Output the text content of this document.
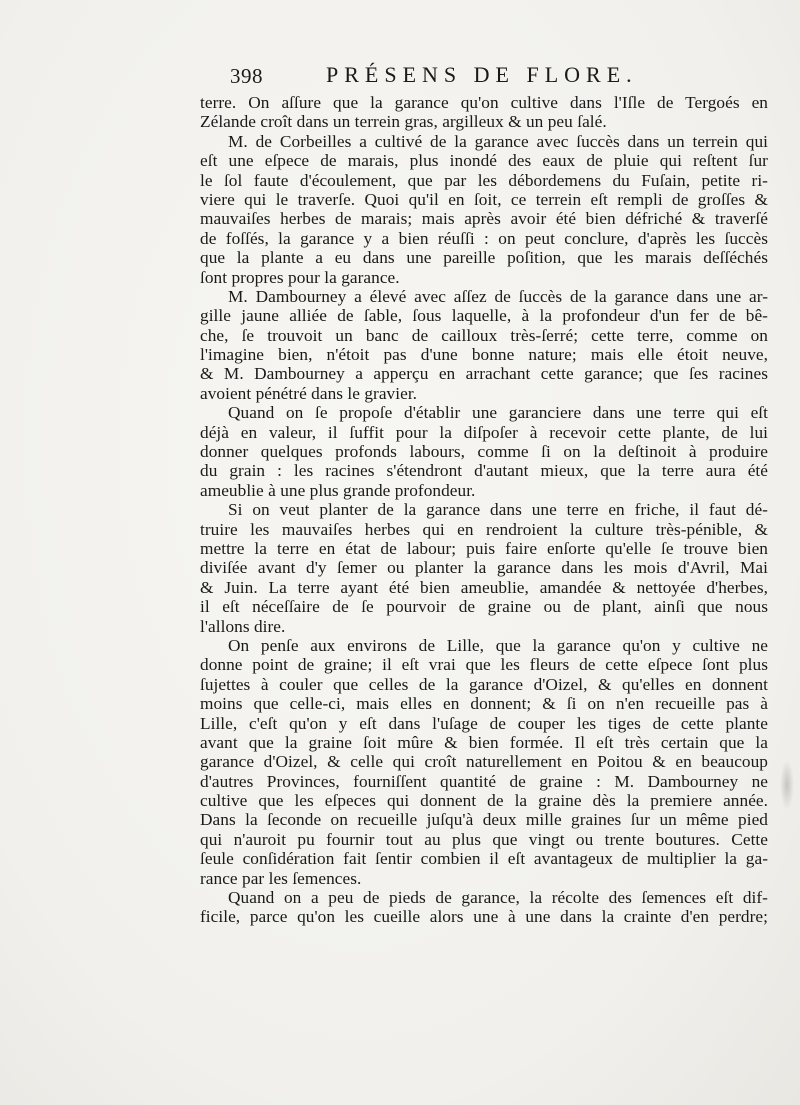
398	PRÉSENS DE FLORE.
terre. On aſſure que la garance qu'on cultive dans l'Iſle de Tergoés en
Zélande croît dans un terrein gras, argilleux & un peu ſalé.
M. de Corbeilles a cultivé de la garance avec ſuccès dans un terrein qui
eſt une eſpece de marais, plus inondé des eaux de pluie qui reſtent ſur
le ſol faute d'écoulement, que par les débordemens du Fuſain, petite ri-
viere qui le traverſe. Quoi qu'il en ſoit, ce terrein eſt rempli de groſſes &
mauvaiſes herbes de marais; mais après avoir été bien défriché & traverſé
de foſſés, la garance y a bien réuſſi : on peut conclure, d'après les ſuccès
que la plante a eu dans une pareille poſition, que les marais deſſéchés
ſont propres pour la garance.
M. Dambourney a élevé avec aſſez de ſuccès de la garance dans une ar-
gille jaune alliée de ſable, ſous laquelle, à la profondeur d'un fer de bê-
che, ſe trouvoit un banc de cailloux très-ſerré; cette terre, comme on
l'imagine bien, n'étoit pas d'une bonne nature; mais elle étoit neuve,
& M. Dambourney a apperçu en arrachant cette garance; que ſes racines
avoient pénétré dans le gravier.
Quand on ſe propoſe d'établir une garanciere dans une terre qui eſt
déjà en valeur, il ſuffit pour la diſpoſer à recevoir cette plante, de lui
donner quelques profonds labours, comme ſi on la deſtinoit à produire
du grain : les racines s'étendront d'autant mieux, que la terre aura été
ameublie à une plus grande profondeur.
Si on veut planter de la garance dans une terre en friche, il faut dé-
truire les mauvaiſes herbes qui en rendroient la culture très-pénible, &
mettre la terre en état de labour; puis faire enſorte qu'elle ſe trouve bien
diviſée avant d'y ſemer ou planter la garance dans les mois d'Avril, Mai
& Juin. La terre ayant été bien ameublie, amandée & nettoyée d'herbes,
il eſt néceſſaire de ſe pourvoir de graine ou de plant, ainſi que nous
l'allons dire.
On penſe aux environs de Lille, que la garance qu'on y cultive ne
donne point de graine; il eſt vrai que les fleurs de cette eſpece ſont plus
ſujettes à couler que celles de la garance d'Oizel, & qu'elles en donnent
moins que celle-ci, mais elles en donnent; & ſi on n'en recueille pas à
Lille, c'eſt qu'on y eſt dans l'uſage de couper les tiges de cette plante
avant que la graine ſoit mûre & bien formée. Il eſt très certain que la
garance d'Oizel, & celle qui croît naturellement en Poitou & en beaucoup
d'autres Provinces, fourniſſent quantité de graine : M. Dambourney ne
cultive que les eſpeces qui donnent de la graine dès la premiere année.
Dans la ſeconde on recueille juſqu'à deux mille graines ſur un même pied
qui n'auroit pu fournir tout au plus que vingt ou trente boutures. Cette
ſeule conſidération fait ſentir combien il eſt avantageux de multiplier la ga-
rance par les ſemences.
Quand on a peu de pieds de garance, la récolte des ſemences eſt dif-
ficile, parce qu'on les cueille alors une à une dans la crainte d'en perdre;
